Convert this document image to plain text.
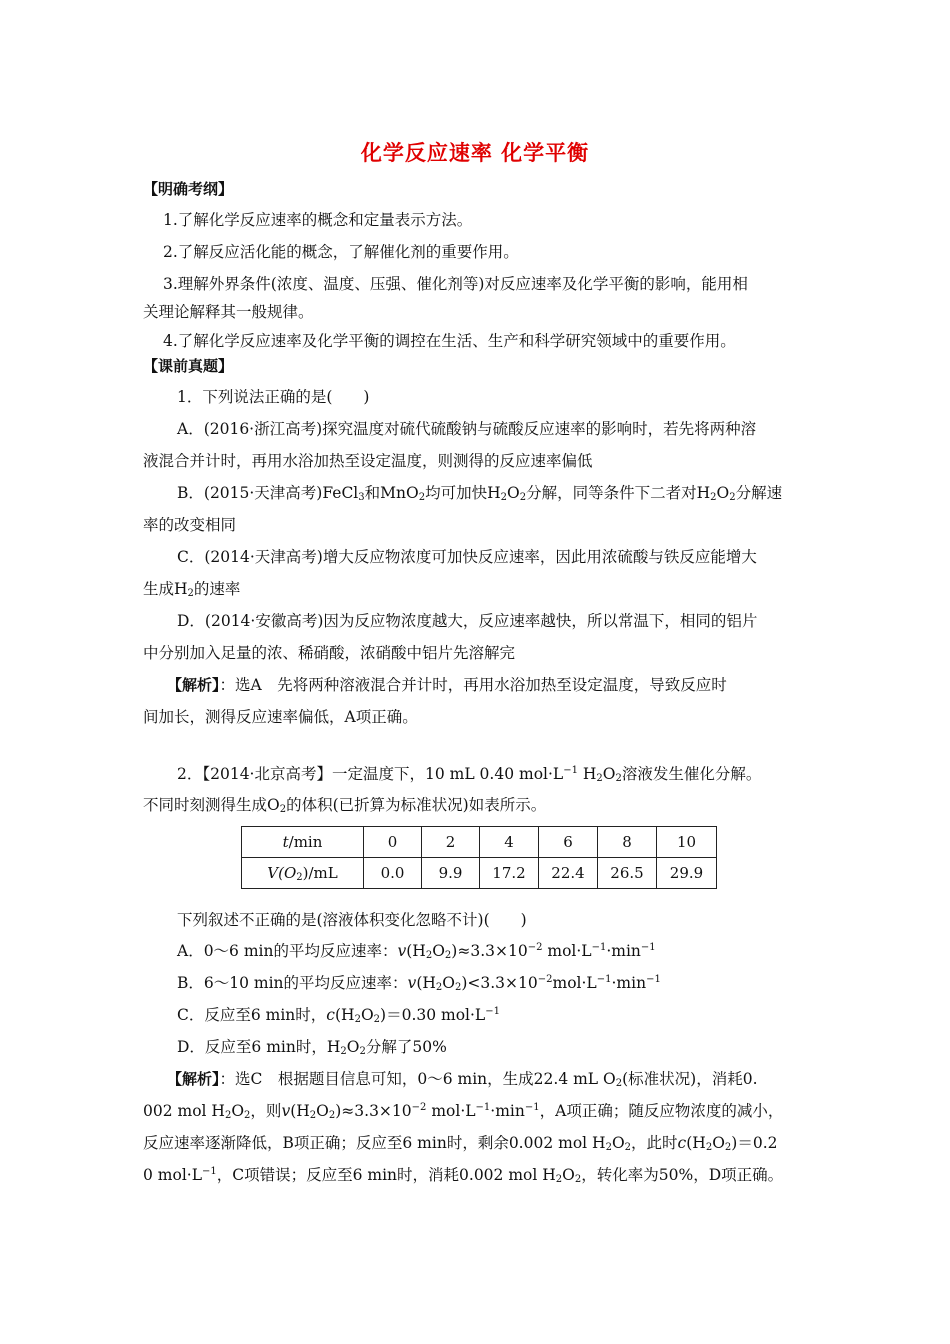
化学反应速率 化学平衡
【明确考纲】
1.了解化学反应速率的概念和定量表示方法。
2.了解反应活化能的概念，了解催化剂的重要作用。
3.理解外界条件(浓度、温度、压强、催化剂等)对反应速率及化学平衡的影响，能用相
关理论解释其一般规律。
4.了解化学反应速率及化学平衡的调控在生活、生产和科学研究领域中的重要作用。
【课前真题】
1．下列说法正确的是(　　)
A．(2016·浙江高考)探究温度对硫代硫酸钠与硫酸反应速率的影响时，若先将两种溶
液混合并计时，再用水浴加热至设定温度，则测得的反应速率偏低
B．(2015·天津高考)FeCl$_3$和MnO$_2$均可加快$H_2O_2$分解，同等条件下二者对$H_2O_2$分解速
率的改变相同
C．(2014·天津高考)增大反应物浓度可加快反应速率，因此用浓硫酸与铁反应能增大
生成$H_2$的速率
D．(2014·安徽高考)因为反应物浓度越大，反应速率越快，所以常温下，相同的铝片
中分别加入足量的浓、稀硝酸，浓硝酸中铝片先溶解完
【解析】：选A　先将两种溶液混合并计时，再用水浴加热至设定温度，导致反应时
间加长，测得反应速率偏低，A项正确。
2．【2014·北京高考】一定温度下，10 mL 0.40 $mol\cdot L^{-1}$ $H_2O_2$溶液发生催化分解。
不同时刻测得生成$O_2$的体积(已折算为标准状况)如表所示。
t/min	0	2	4	6	8	10
$V(O_2)/mL$	0.0	9.9	17.2	22.4	26.5	29.9
下列叙述不正确的是(溶液体积变化忽略不计)(　　)
A．0～6 min的平均反应速率：$v(H_2O_2)\approx 3.3\times 10^{-2}$ $mol\cdot L^{-1}\cdot\min^{-1}$
B．6～10 min的平均反应速率：$v(H_2O_2)<3.3\times 10^{-2}mol\cdot L^{-1}\cdot\min^{-1}$
C．反应至6 min时，$c(H_2O_2)=0.30$ $mol\cdot L^{-1}$
D．反应至6 min时，$H_2O_2$分解了50%
【解析】：选C　根据题目信息可知，0～6 min，生成22.4 mL $O_2$(标准状况)，消耗0.
002 mol $H_2O_2$，则$v(H_2O_2)\approx 3.3\times 10^{-2}$ $mol\cdot L^{-1}\cdot\min^{-1}$，A项正确；随反应物浓度的减小，
反应速率逐渐降低，B项正确；反应至6 min时，剩余0.002 mol $H_2O_2$，此时$c(H_2O_2)=0.2$
0 $mol\cdot L^{-1}$，C项错误；反应至6 min时，消耗0.002 mol $H_2O_2$，转化率为50%，D项正确。
